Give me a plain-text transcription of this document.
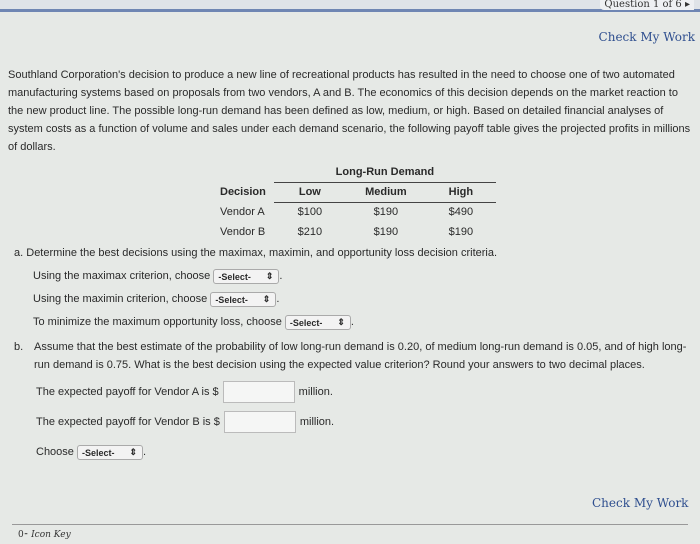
Question 1 of 6 ▸
Check My Work
Southland Corporation's decision to produce a new line of recreational products has resulted in the need to choose one of two automated manufacturing systems based on proposals from two vendors, A and B. The economics of this decision depends on the market reaction to the new product line. The possible long-run demand has been defined as low, medium, or high. Based on detailed financial analyses of system costs as a function of volume and sales under each demand scenario, the following payoff table gives the projected profits in millions of dollars.
	Long-Run Demand		
Decision	Low	Medium	High
Vendor A	$100	$190	$490
Vendor B	$210	$190	$190
a. Determine the best decisions using the maximax, maximin, and opportunity loss decision criteria.
Using the maximax criterion, choose -Select- ⇕ .
Using the maximin criterion, choose -Select- ⇕ .
To minimize the maximum opportunity loss, choose -Select- ⇕ .
b. Assume that the best estimate of the probability of low long-run demand is 0.20, of medium long-run demand is 0.05, and of high long-run demand is 0.75. What is the best decision using the expected value criterion? Round your answers to two decimal places.
The expected payoff for Vendor A is $	million.
The expected payoff for Vendor B is $	million.
Choose -Select- ⇕ .
Check My Work
0⁃ Icon Key
